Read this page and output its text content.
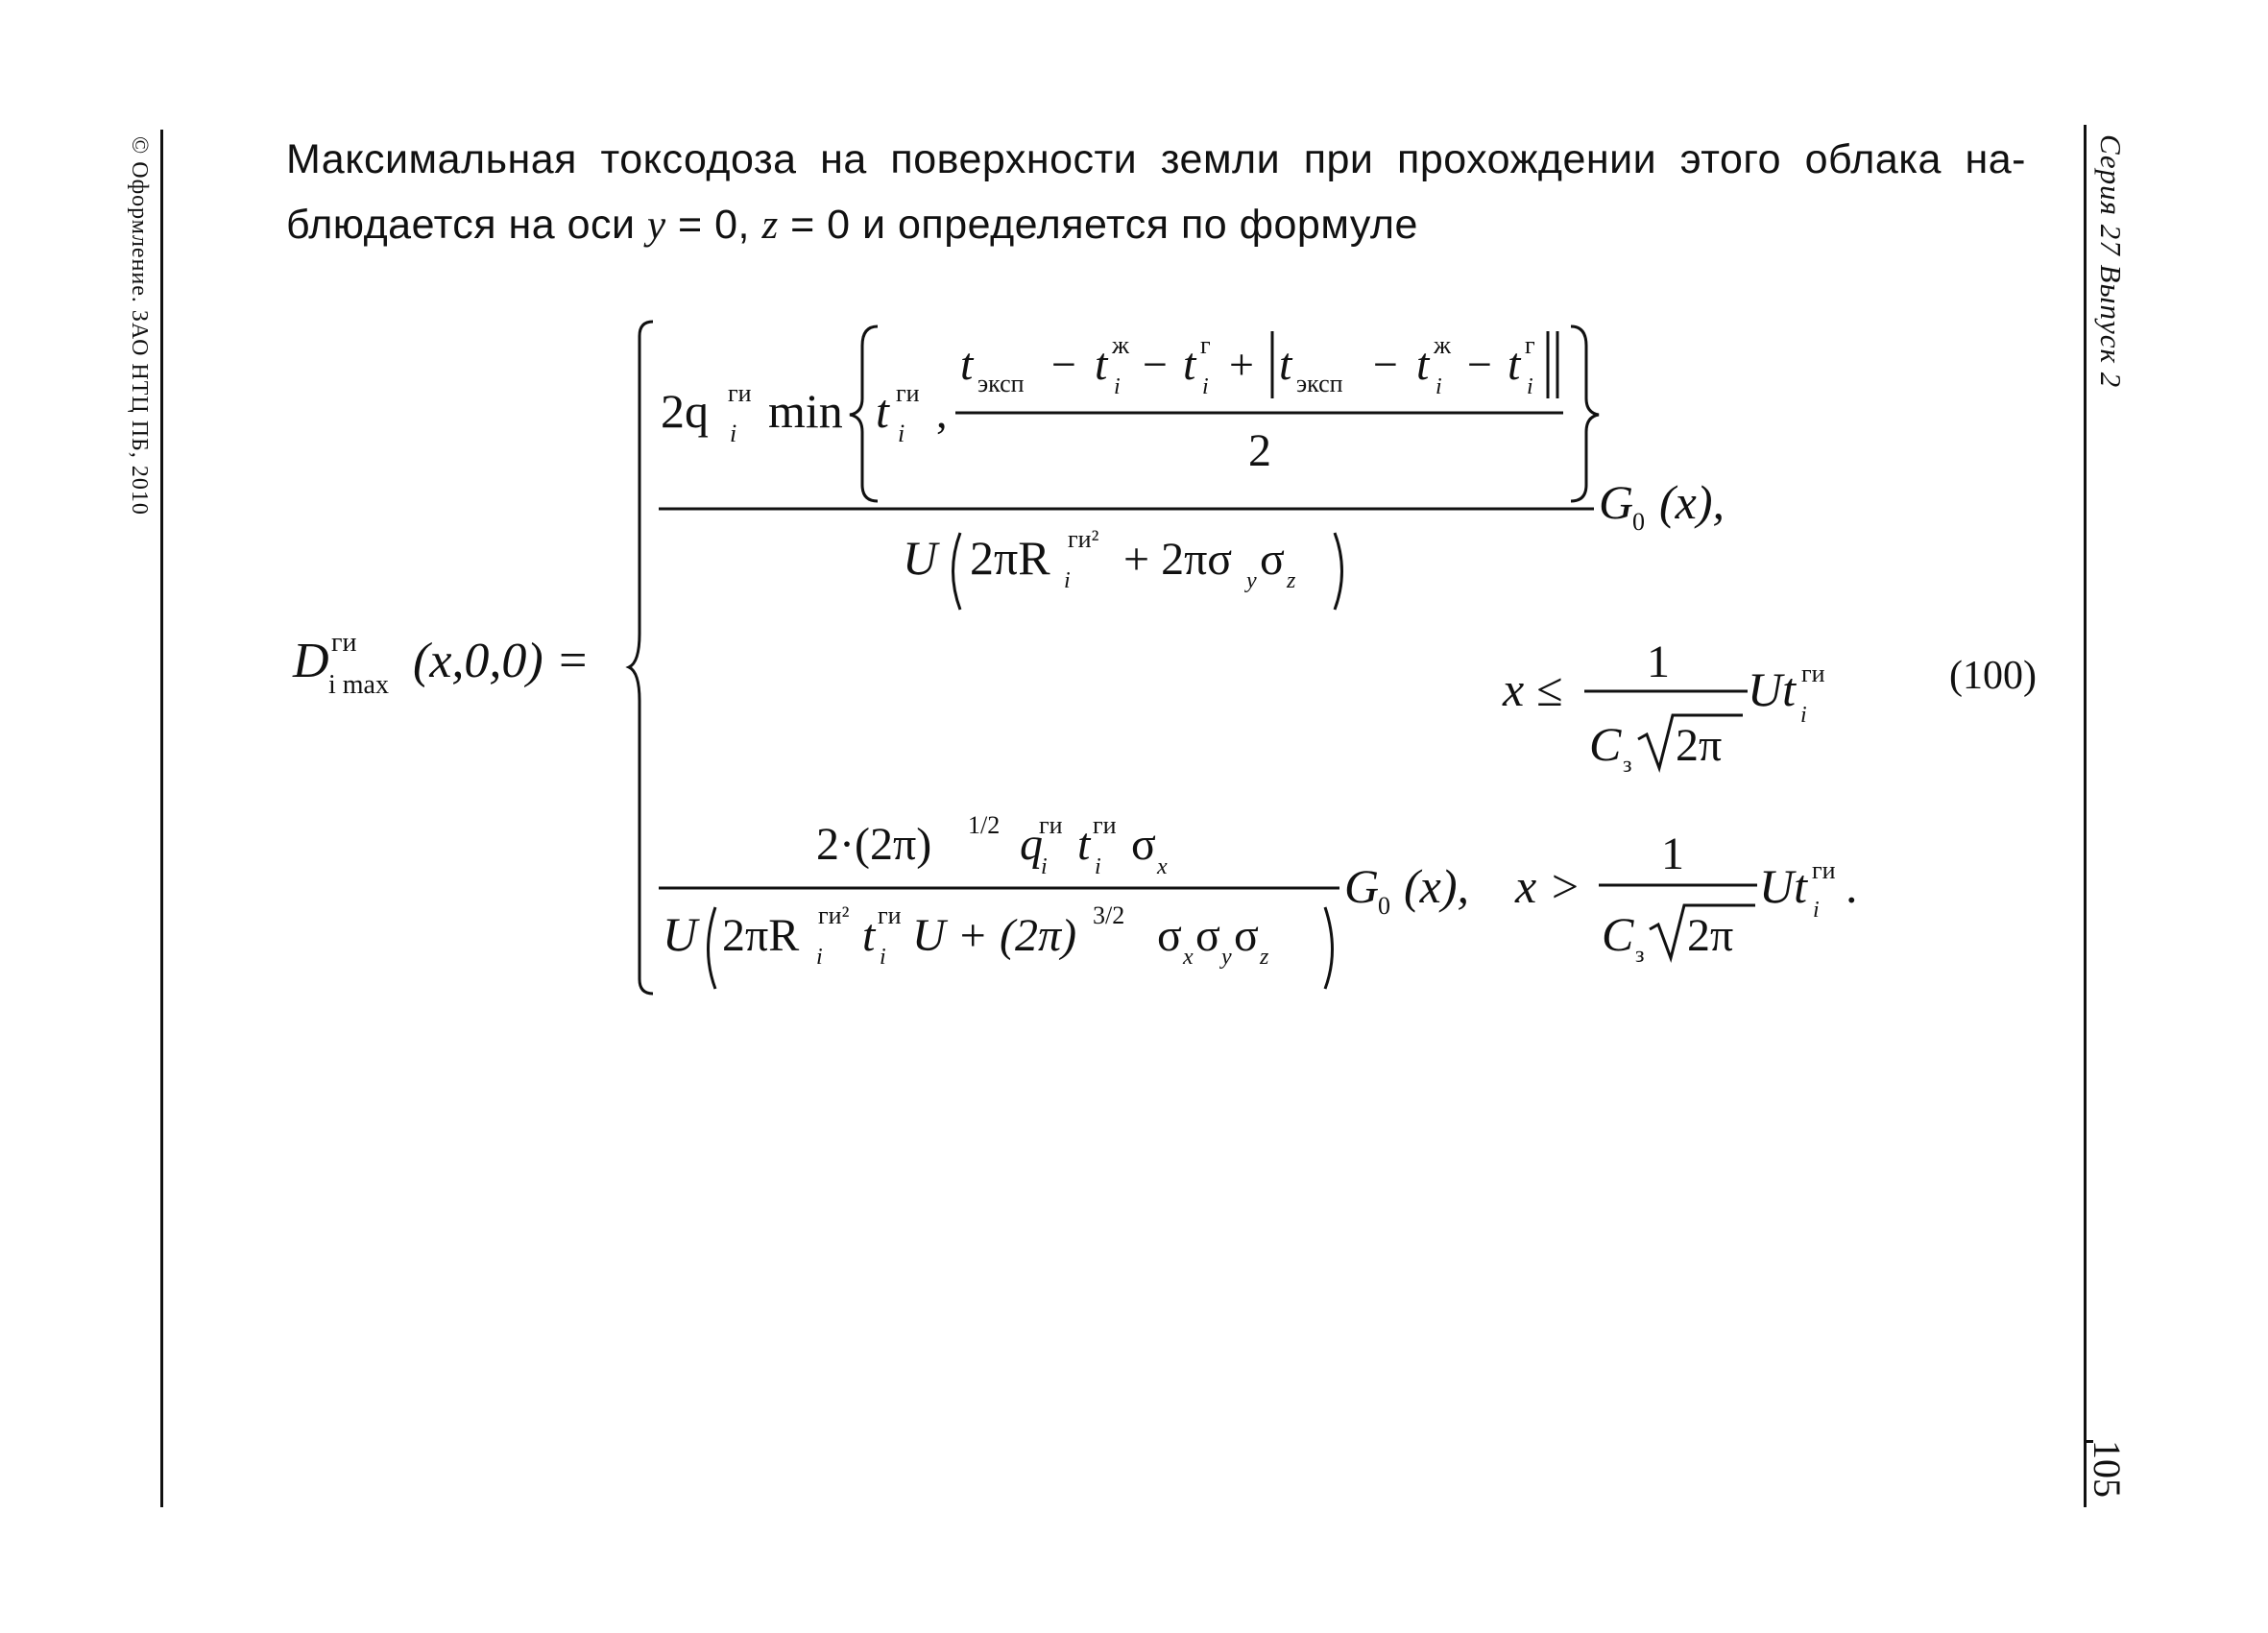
© Оформление. ЗАО НТЦ ПБ, 2010	Серия 27 Выпуск 2
105
Максимальная токсодоза на поверхности земли при прохождении этого облака на-
блюдается на оси y = 0, z = 0 и определяется по формуле
D ги
i max (x,0,0) =
2q ги
i min t ги
i ,
t эксп − t ж
i − t г
i + t эксп − t ж
i − t г
i
2
U 2πR ги²
i + 2πσ y σ z
G
0 (x),
x ≤
1
C з 2π
Ut ги
i
2·(2π) 1/2 q
ги
i t ги
i σ x
U 2πR ги²
i t ги
i U + (2π) 3/2 σ x σ y σ z
G
0 (x), x >
1
C з 2π
Ut ги
i .
(100)
